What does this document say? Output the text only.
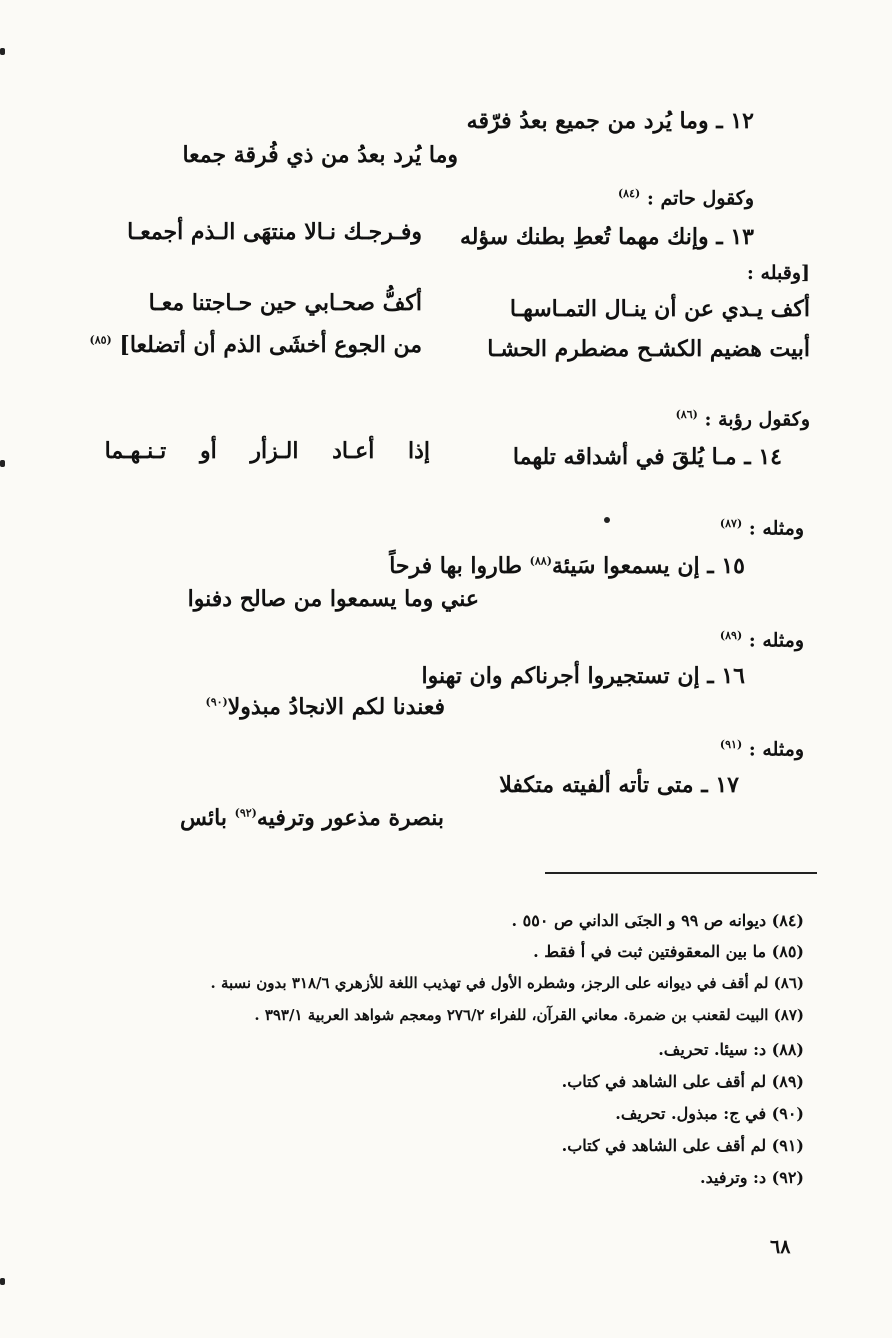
١٢ ـ وما يُرد من جميع بعدُ فرّقه
وما يُرد بعدُ من ذي فُرقة جمعا
وكقول حاتم : $^{(٨٤)}$
١٣ ـ وإنك مهما تُعطِ بطنك سؤله
وفـرجـك نـالا منتهَى الـذم أجمعـا
[وقبله :
أكف يـدي عن أن ينـال التمـاسهـا
أكفُّ صحـابي حين حـاجتنا معـا
أبيت هضيم الكشـح مضطرم الحشـا
من الجوع أخشَى الذم أن أتضلعا] $^{(٨٥)}$
وكقول رؤبة : $^{(٨٦)}$
١٤ ـ مـا يُلقَ في أشداقه تلهما
إذا أعـاد الـزأر أو تـنـهـما
ومثله : $^{(٨٧)}$
١٥ ـ إن يسمعوا سَيئة$^{(٨٨)}$ طاروا بها فرحاً
عني وما يسمعوا من صالح دفنوا
ومثله : $^{(٨٩)}$
١٦ ـ إن تستجيروا أجرناكم وان تهنوا
فعندنا لكم الانجادُ مبذولا$^{(٩٠)}$
ومثله : $^{(٩١)}$
١٧ ـ متى تأته ألفيته متكفلا
بنصرة مذعور وترفيه$^{(٩٢)}$ بائس
(٨٤) ديوانه ص ٩٩ و الجنَى الداني ص ٥٥٠ .
(٨٥) ما بين المعقوفتين ثبت في أ فقط .
(٨٦) لم أقف في ديوانه على الرجز، وشطره الأول في تهذيب اللغة للأزهري ٣١٨/٦ بدون نسبة .
(٨٧) البيت لقعنب بن ضمرة. معاني القرآن، للفراء ٢٧٦/٢ ومعجم شواهد العربية ٣٩٣/١ .
(٨٨) د: سيئا. تحريف.
(٨٩) لم أقف على الشاهد في كتاب.
(٩٠) في ج: مبذول. تحريف.
(٩١) لم أقف على الشاهد في كتاب.
(٩٢) د: وترفيد.
٦٨
